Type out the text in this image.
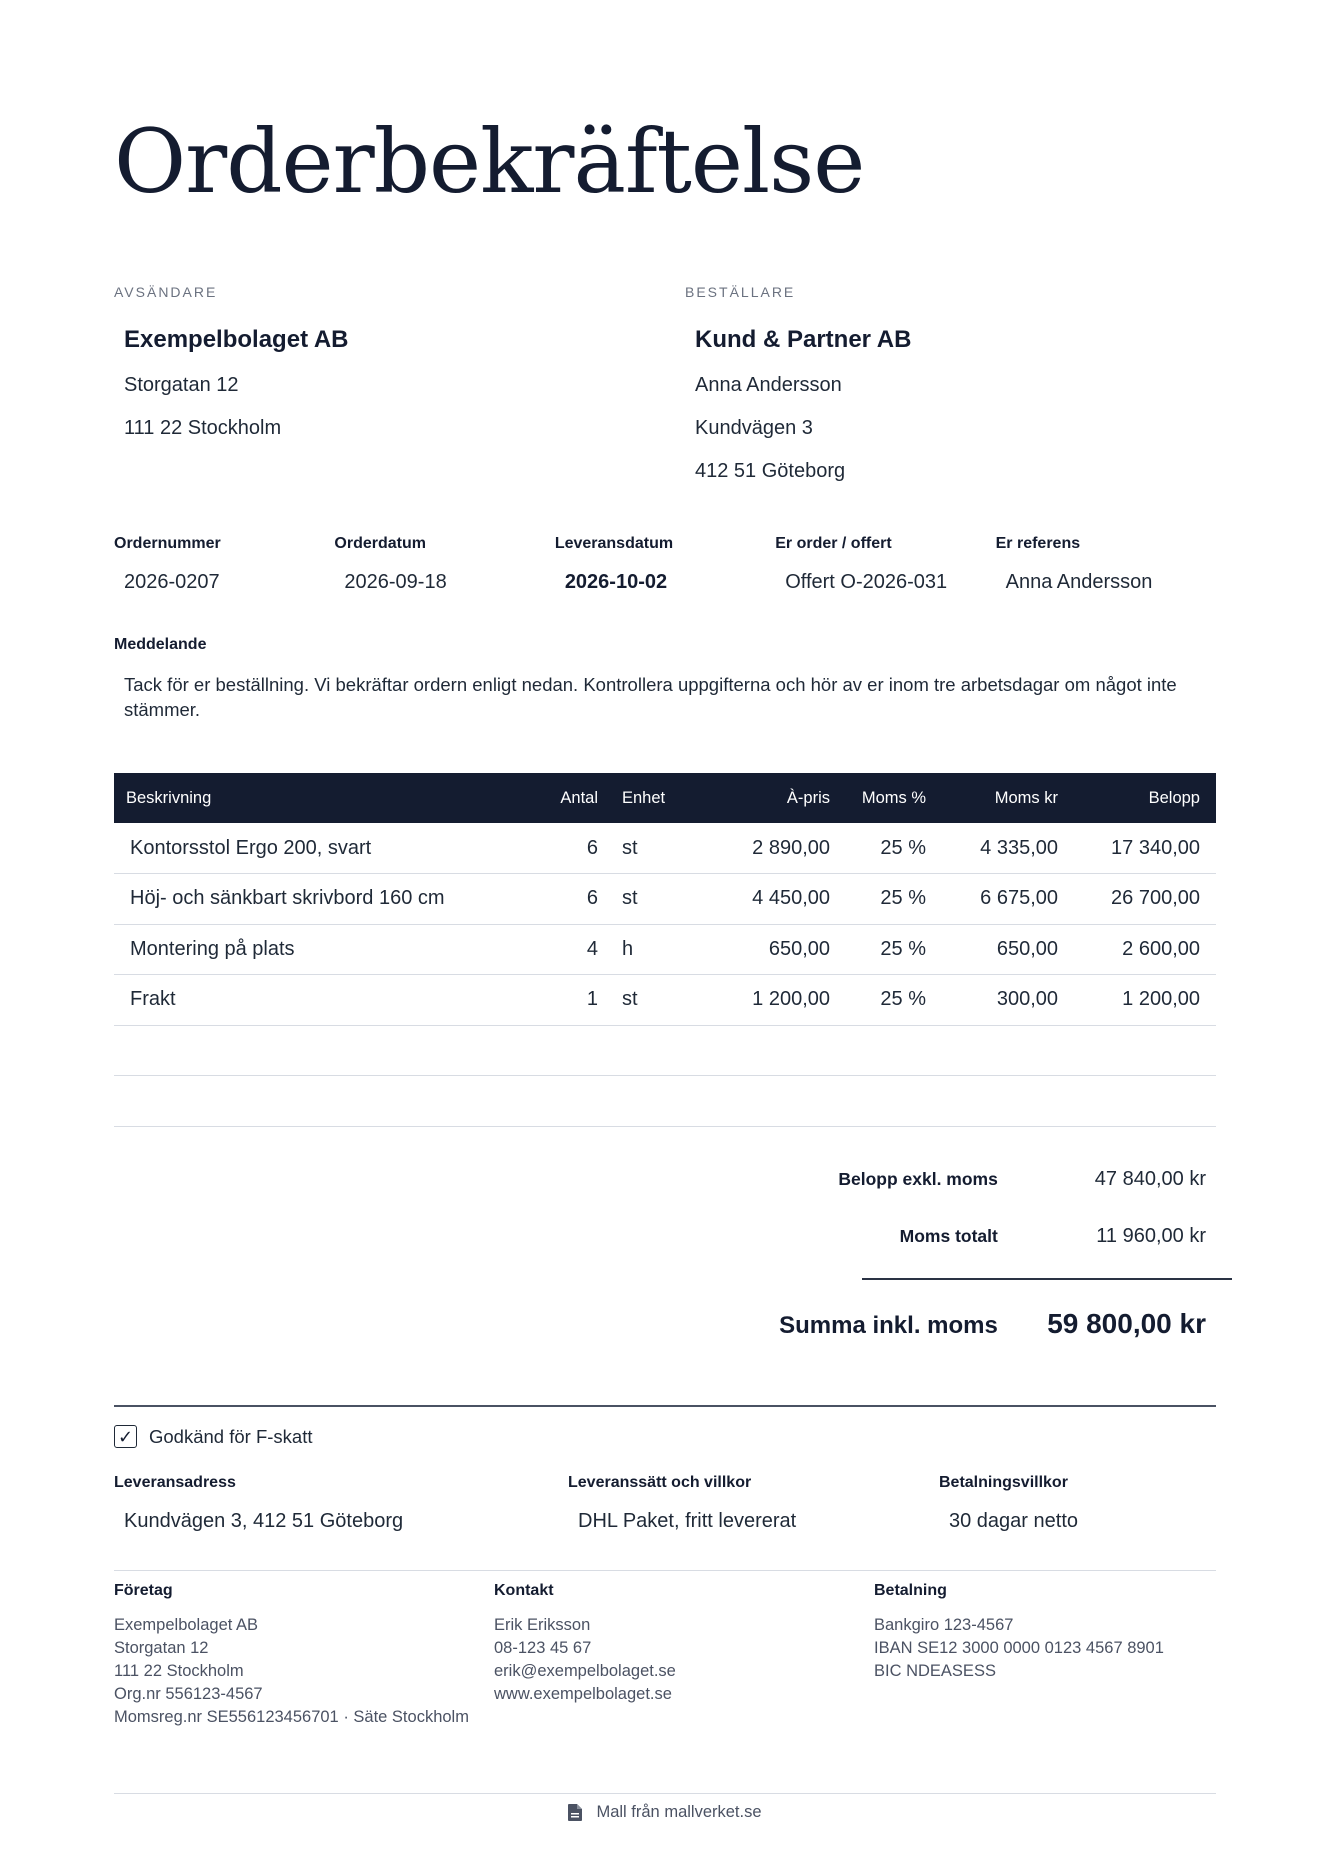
Orderbekräftelse
AVSÄNDARE
Exempelbolaget AB
Storgatan 12
111 22 Stockholm
BESTÄLLARE
Kund & Partner AB
Anna Andersson
Kundvägen 3
412 51 Göteborg
Ordernummer
2026-0207
Orderdatum
2026-09-18
Leveransdatum
2026-10-02
Er order / offert
Offert O-2026-031
Er referens
Anna Andersson
Meddelande
Tack för er beställning. Vi bekräftar ordern enligt nedan. Kontrollera uppgifterna och hör av er inom tre arbetsdagar om något inte stämmer.
Beskrivning	Antal	Enhet	À-pris	Moms %	Moms kr	Belopp
Kontorsstol Ergo 200, svart	6	st	2 890,00	25 %	4 335,00	17 340,00
Höj- och sänkbart skrivbord 160 cm	6	st	4 450,00	25 %	6 675,00	26 700,00
Montering på plats	4	h	650,00	25 %	650,00	2 600,00
Frakt	1	st	1 200,00	25 %	300,00	1 200,00

Belopp exkl. moms	47 840,00 kr
Moms totalt	11 960,00 kr
Summa inkl. moms	59 800,00 kr
✓ Godkänd för F-skatt
Leveransadress
Kundvägen 3, 412 51 Göteborg
Leveranssätt och villkor
DHL Paket, fritt levererat
Betalningsvillkor
30 dagar netto
Företag
Exempelbolaget AB
Storgatan 12
111 22 Stockholm
Org.nr 556123-4567
Momsreg.nr SE556123456701 · Säte Stockholm
Kontakt
Erik Eriksson
08-123 45 67
erik@exempelbolaget.se
www.exempelbolaget.se
Betalning
Bankgiro 123-4567
IBAN SE12 3000 0000 0123 4567 8901
BIC NDEASESS
Mall från mallverket.se
